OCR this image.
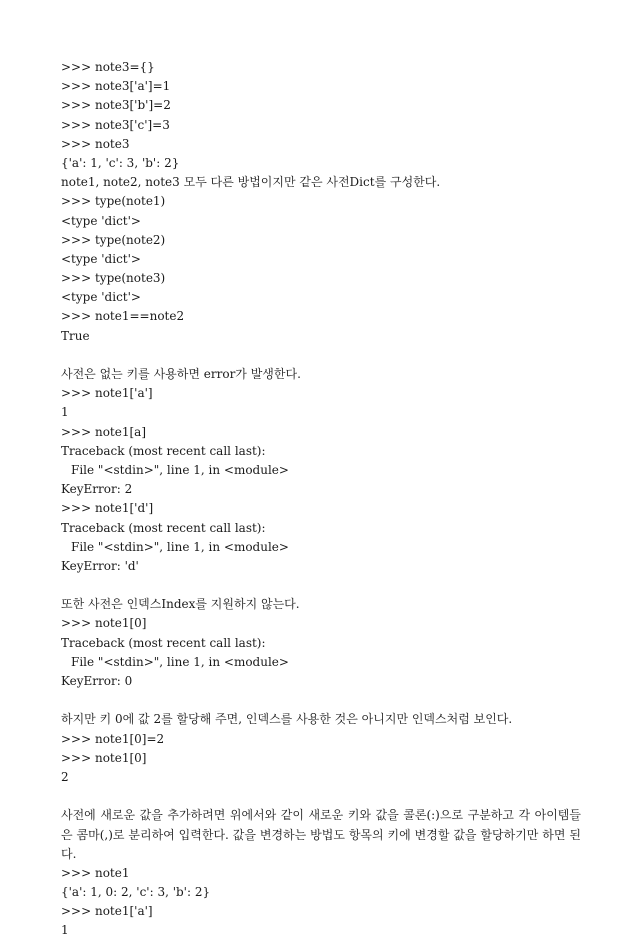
>>> note3={}
>>> note3['a']=1
>>> note3['b']=2
>>> note3['c']=3
>>> note3
{'a': 1, 'c': 3, 'b': 2}
note1, note2, note3 모두 다른 방법이지만 같은 사전Dict를 구성한다.
>>> type(note1)
<type 'dict'>
>>> type(note2)
<type 'dict'>
>>> type(note3)
<type 'dict'>
>>> note1==note2
True
사전은 없는 키를 사용하면 error가 발생한다.
>>> note1['a']
1
>>> note1[a]
Traceback (most recent call last):
File "<stdin>", line 1, in <module>
KeyError: 2
>>> note1['d']
Traceback (most recent call last):
File "<stdin>", line 1, in <module>
KeyError: 'd'
또한 사전은 인덱스Index를 지원하지 않는다.
>>> note1[0]
Traceback (most recent call last):
File "<stdin>", line 1, in <module>
KeyError: 0
하지만 키 0에 값 2를 할당해 주면, 인덱스를 사용한 것은 아니지만 인덱스처럼 보인다.
>>> note1[0]=2
>>> note1[0]
2
사전에 새로운 값을 추가하려면 위에서와 같이 새로운 키와 값을 콜론(:)으로 구분하고 각 아이템들은 콤마(,)로 분리하여 입력한다. 값을 변경하는 방법도 항목의 키에 변경할 값을 할당하기만 하면 된다.
>>> note1
{'a': 1, 0: 2, 'c': 3, 'b': 2}
>>> note1['a']
1
